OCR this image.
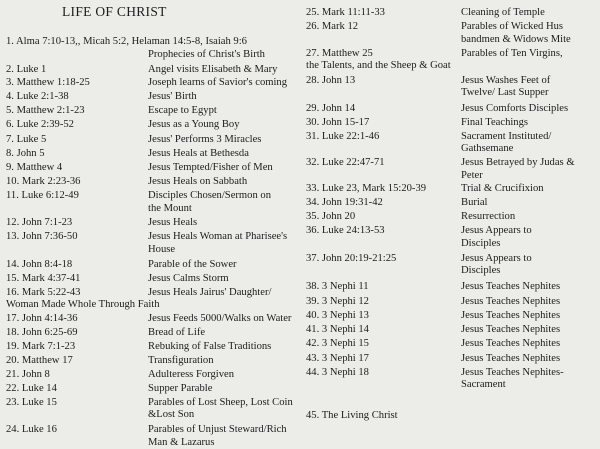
LIFE OF CHRIST
1. Alma 7:10-13,, Micah 5:2, Helaman 14:5-8, Isaiah 9:6
Prophecies of Christ's Birth
2. Luke 1	Angel visits Elisabeth & Mary
3. Matthew 1:18-25	Joseph learns of Savior's coming
4. Luke 2:1-38	Jesus' Birth
5. Matthew 2:1-23	Escape to Egypt
6. Luke 2:39-52	Jesus as a Young Boy
7. Luke 5	Jesus' Performs 3 Miracles
8. John 5	Jesus Heals at Bethesda
9. Matthew 4	Jesus Tempted/Fisher of Men
10. Mark 2:23-36	Jesus Heals on Sabbath
11. Luke 6:12-49	Disciples Chosen/Sermon on
the Mount
12. John 7:1-23	Jesus Heals
13. John 7:36-50	Jesus Heals Woman at Pharisee's
House
14. John 8:4-18	Parable of the Sower
15. Mark 4:37-41	Jesus Calms Storm
16. Mark 5:22-43	Jesus Heals Jairus' Daughter/
Woman Made Whole Through Faith
17. John 4:14-36	Jesus Feeds 5000/Walks on Water
18. John 6:25-69	Bread of Life
19. Mark 7:1-23	Rebuking of False Traditions
20. Matthew 17	Transfiguration
21. John 8	Adulteress Forgiven
22. Luke 14	Supper Parable
23. Luke 15	Parables of Lost Sheep, Lost Coin
&Lost Son
24. Luke 16	Parables of Unjust Steward/Rich
Man & Lazarus
25. Mark 11:11-33	Cleaning of Temple
26. Mark 12	Parables of Wicked Hus
bandmen & Widows Mite
27. Matthew 25	Parables of Ten Virgins,
the Talents, and the Sheep & Goat
28. John 13	Jesus Washes Feet of
Twelve/ Last Supper
29. John 14	Jesus Comforts Disciples
30. John 15-17	Final Teachings
31. Luke 22:1-46	Sacrament Instituted/
Gathsemane
32. Luke 22:47-71	Jesus Betrayed by Judas &
Peter
33. Luke 23, Mark 15:20-39	Trial & Crucifixion
34. John 19:31-42	Burial
35. John 20	Resurrection
36. Luke 24:13-53	Jesus Appears to
Disciples
37. John 20:19-21:25	Jesus Appears to
Disciples
38. 3 Nephi 11	Jesus Teaches Nephites
39. 3 Nephi 12	Jesus Teaches Nephites
40. 3 Nephi 13	Jesus Teaches Nephites
41. 3 Nephi 14	Jesus Teaches Nephites
42. 3 Nephi 15	Jesus Teaches Nephites
43. 3 Nephi 17	Jesus Teaches Nephites
44. 3 Nephi 18	Jesus Teaches Nephites-
Sacrament
45. The Living Christ
